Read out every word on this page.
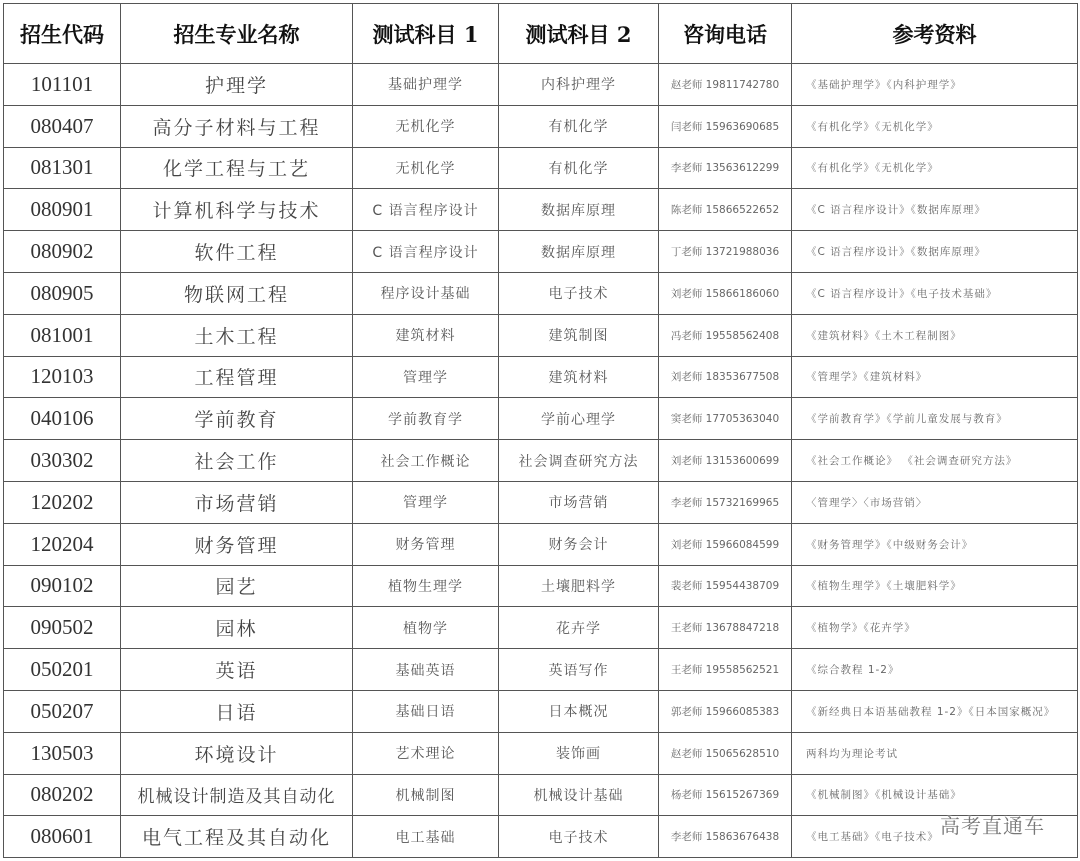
招生代码	招生专业名称	测试科目 1	测试科目 2	咨询电话	参考资料
101101	护理学	基础护理学	内科护理学	赵老师 19811742780	《基础护理学》《内科护理学》
080407	高分子材料与工程	无机化学	有机化学	闫老师 15963690685	《有机化学》《无机化学》
081301	化学工程与工艺	无机化学	有机化学	李老师 13563612299	《有机化学》《无机化学》
080901	计算机科学与技术	C 语言程序设计	数据库原理	陈老师 15866522652	《C 语言程序设计》《数据库原理》
080902	软件工程	C 语言程序设计	数据库原理	丁老师 13721988036	《C 语言程序设计》《数据库原理》
080905	物联网工程	程序设计基础	电子技术	刘老师 15866186060	《C 语言程序设计》《电子技术基础》
081001	土木工程	建筑材料	建筑制图	冯老师 19558562408	《建筑材料》《土木工程制图》
120103	工程管理	管理学	建筑材料	刘老师 18353677508	《管理学》《建筑材料》
040106	学前教育	学前教育学	学前心理学	窦老师 17705363040	《学前教育学》《学前儿童发展与教育》
030302	社会工作	社会工作概论	社会调查研究方法	刘老师 13153600699	《社会工作概论》 《社会调查研究方法》
120202	市场营销	管理学	市场营销	李老师 15732169965	〈管理学〉〈市场营销〉
120204	财务管理	财务管理	财务会计	刘老师 15966084599	《财务管理学》《中级财务会计》
090102	园艺	植物生理学	土壤肥料学	裴老师 15954438709	《植物生理学》《土壤肥料学》
090502	园林	植物学	花卉学	王老师 13678847218	《植物学》《花卉学》
050201	英语	基础英语	英语写作	王老师 19558562521	《综合教程 1-2》
050207	日语	基础日语	日本概况	郭老师 15966085383	《新经典日本语基础教程 1-2》《日本国家概况》
130503	环境设计	艺术理论	装饰画	赵老师 15065628510	两科均为理论考试
080202	机械设计制造及其自动化	机械制图	机械设计基础	杨老师 15615267369	《机械制图》《机械设计基础》
080601	电气工程及其自动化	电工基础	电子技术	李老师 15863676438	《电工基础》《电子技术》 高考直通车
